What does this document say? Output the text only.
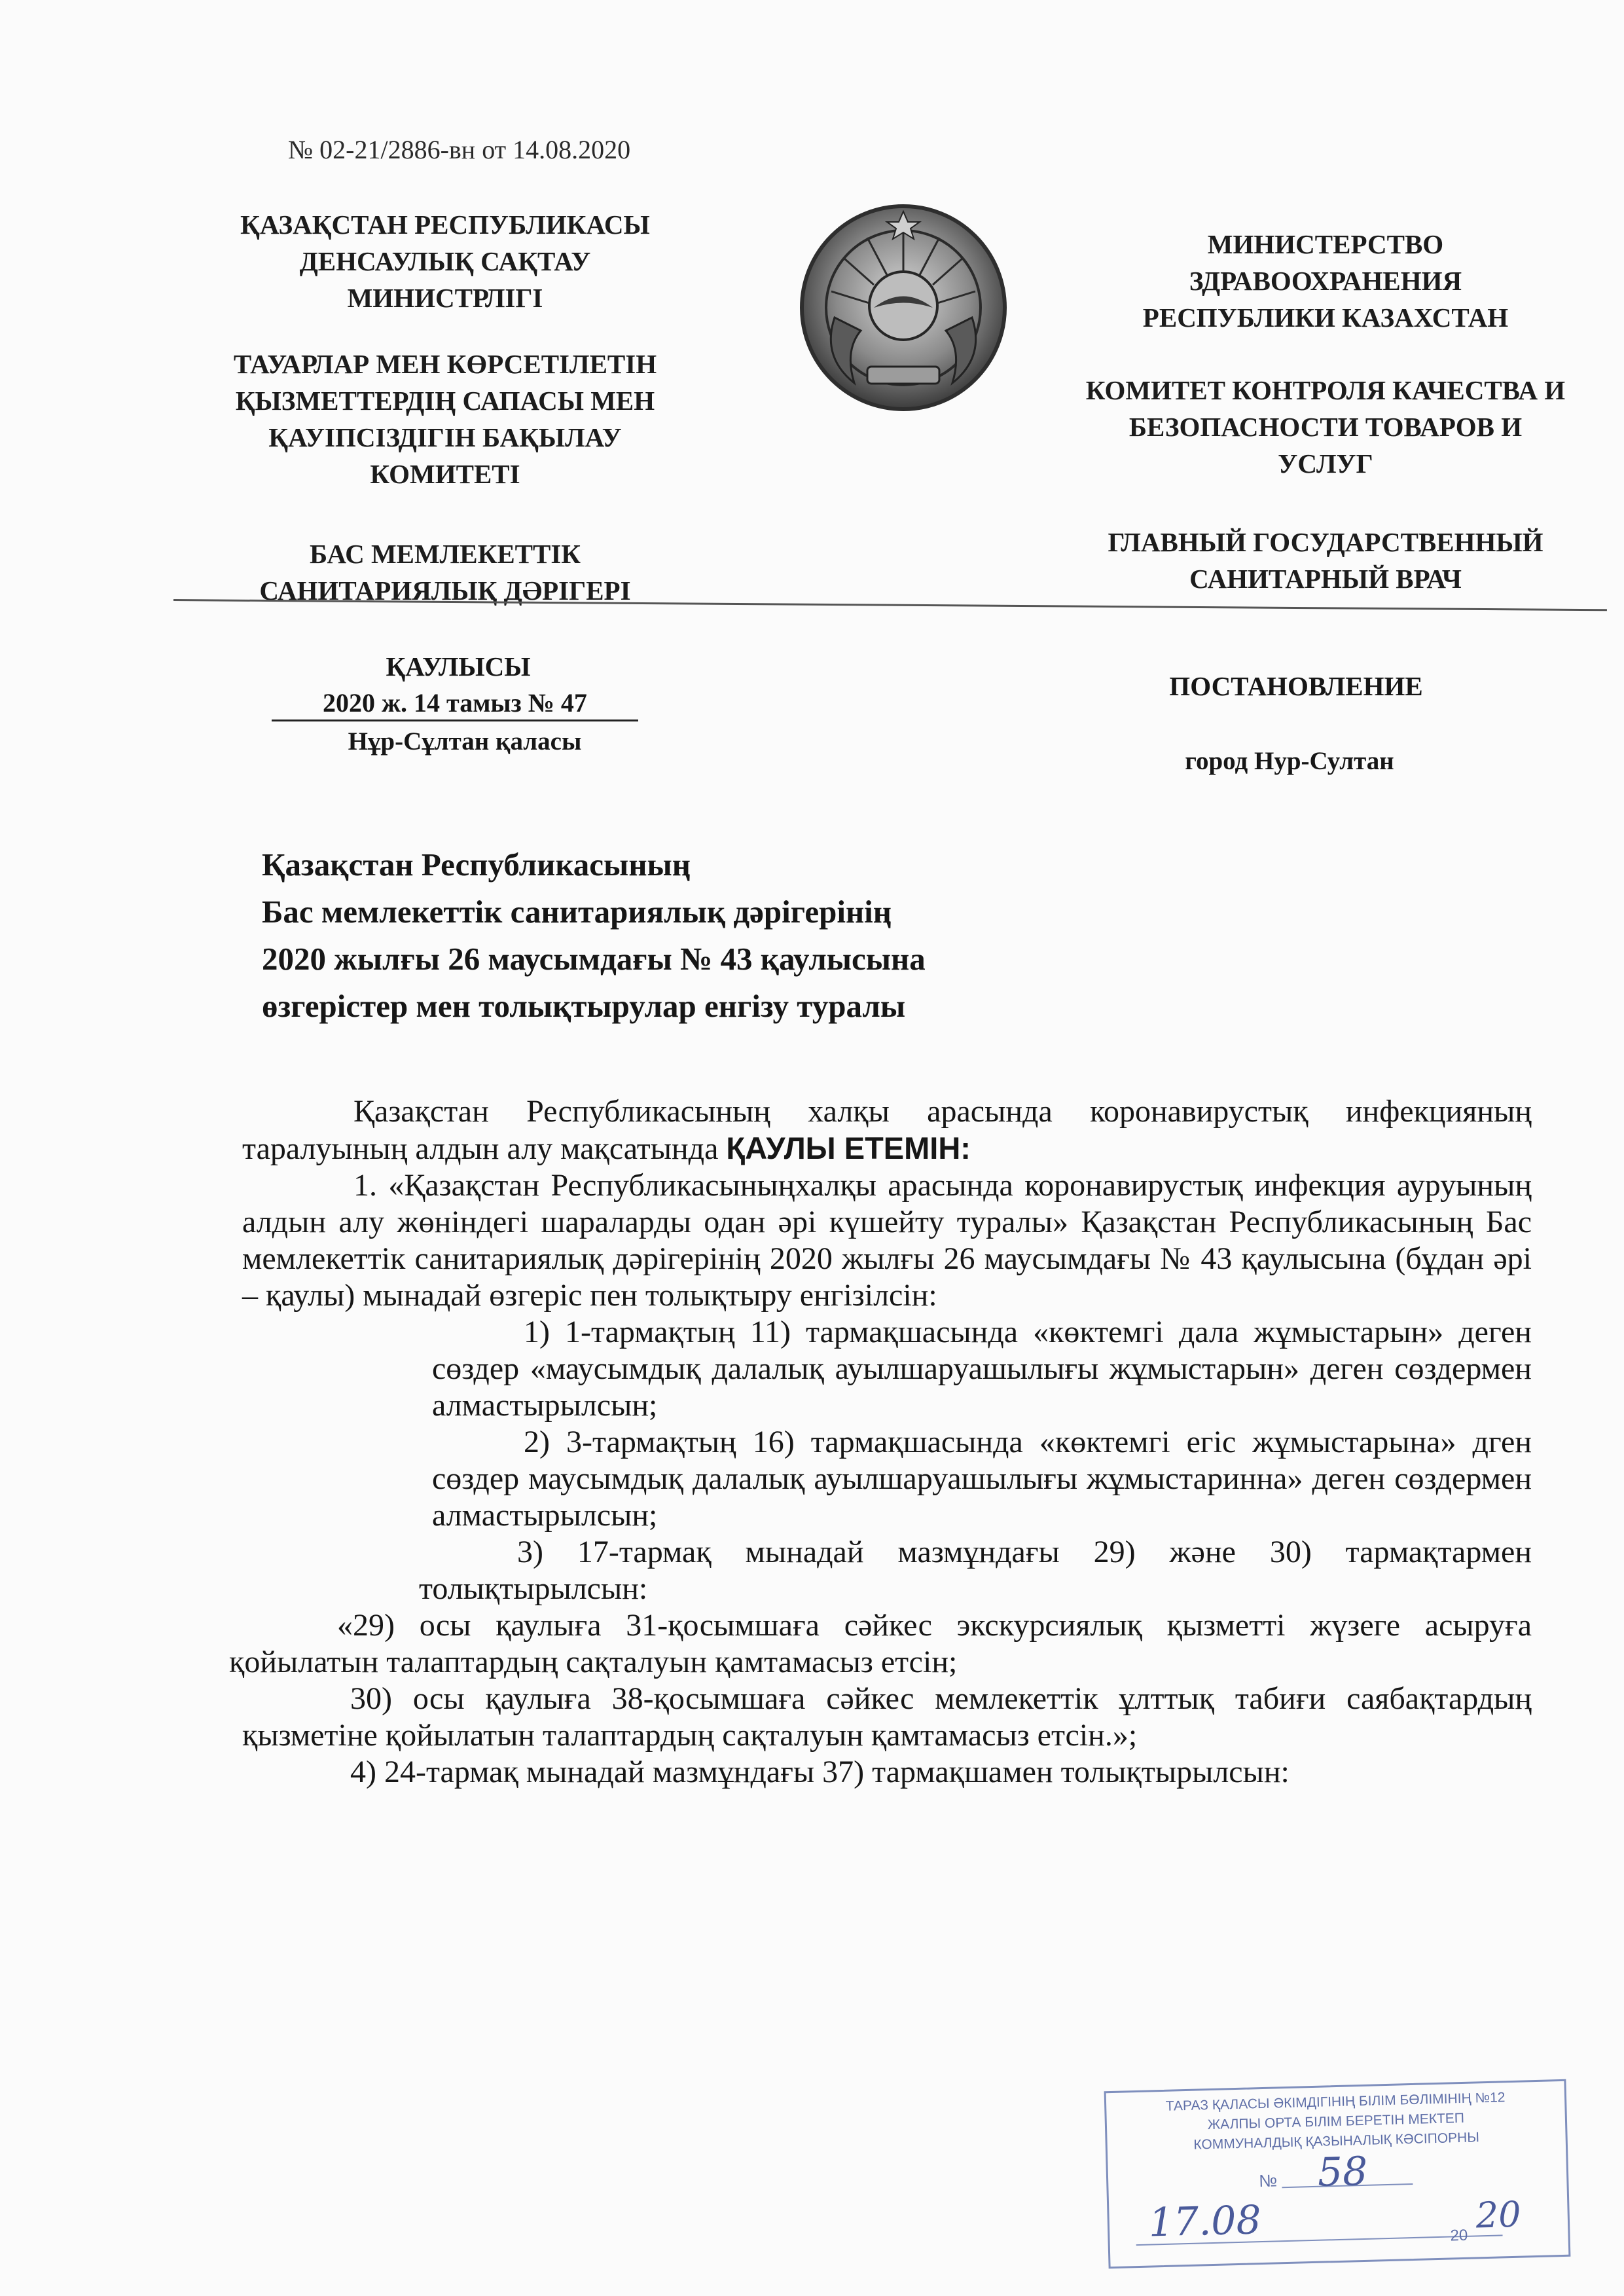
№ 02-21/2886-вн от 14.08.2020
ҚАЗАҚСТАН РЕСПУБЛИКАСЫ
ДЕНСАУЛЫҚ САҚТАУ
МИНИСТРЛІГІ
ТАУАРЛАР МЕН КӨРСЕТІЛЕТІН
ҚЫЗМЕТТЕРДІҢ САПАСЫ МЕН
ҚАУІПСІЗДІГІН БАҚЫЛАУ
КОМИТЕТІ
БАС МЕМЛЕКЕТТІК
САНИТАРИЯЛЫҚ ДӘРІГЕРІ
МИНИСТЕРСТВО
ЗДРАВООХРАНЕНИЯ
РЕСПУБЛИКИ КАЗАХСТАН
КОМИТЕТ КОНТРОЛЯ КАЧЕСТВА И
БЕЗОПАСНОСТИ ТОВАРОВ И
УСЛУГ
ГЛАВНЫЙ ГОСУДАРСТВЕННЫЙ
САНИТАРНЫЙ ВРАЧ
ҚАУЛЫСЫ
2020 ж. 14 тамыз № 47
Нұр-Сұлтан қаласы
ПОСТАНОВЛЕНИЕ
город Нур-Султан
Қазақстан Республикасының
Бас мемлекеттік санитариялық дәрігерінің
2020 жылғы 26 маусымдағы № 43 қаулысына
өзгерістер мен толықтырулар енгізу туралы

Қазақстан Республикасының халқы арасында коронавирустық инфекцияның таралуының алдын алу мақсатында ҚАУЛЫ ЕТЕМІН:

1. «Қазақстан Республикасыныңхалқы арасында коронавирустық инфекция ауруының алдын алу жөніндегі шараларды одан әрі күшейту туралы» Қазақстан Республикасының Бас мемлекеттік санитариялық дәрігерінің 2020 жылғы 26 маусымдағы № 43 қаулысына (бұдан әрі – қаулы) мынадай өзгеріс пен толықтыру енгізілсін:

1) 1-тармақтың 11) тармақшасында «көктемгі дала жұмыстарын» деген сөздер «маусымдық далалық ауылшаруашылығы жұмыстарын» деген сөздермен алмастырылсын;

2) 3-тармақтың 16) тармақшасында «көктемгі егіс жұмыстарына» дген сөздер маусымдық далалық ауылшаруашылығы жұмыстаринна» деген сөздермен алмастырылсын;

3) 17-тармақ мынадай мазмұндағы 29) және 30) тармақтармен толықтырылсын:

«29) осы қаулыға 31-қосымшаға сәйкес экскурсиялық қызметті жүзеге асыруға қойылатын талаптардың сақталуын қамтамасыз етсін;

30) осы қаулыға 38-қосымшаға сәйкес мемлекеттік ұлттық табиғи саябақтардың қызметіне қойылатын талаптардың сақталуын қамтамасыз етсін.»;

4) 24-тармақ мынадай мазмұндағы 37) тармақшамен толықтырылсын:

ТАРАЗ ҚАЛАСЫ ӘКІМДІГІНІҢ БІЛІМ БӨЛІМІНІҢ №12
ЖАЛПЫ ОРТА БІЛІМ БЕРЕТІН МЕКТЕП
КОММУНАЛДЫҚ ҚАЗЫНАЛЫҚ КӘСІПОРНЫ
№ 58
17.08	20
20
